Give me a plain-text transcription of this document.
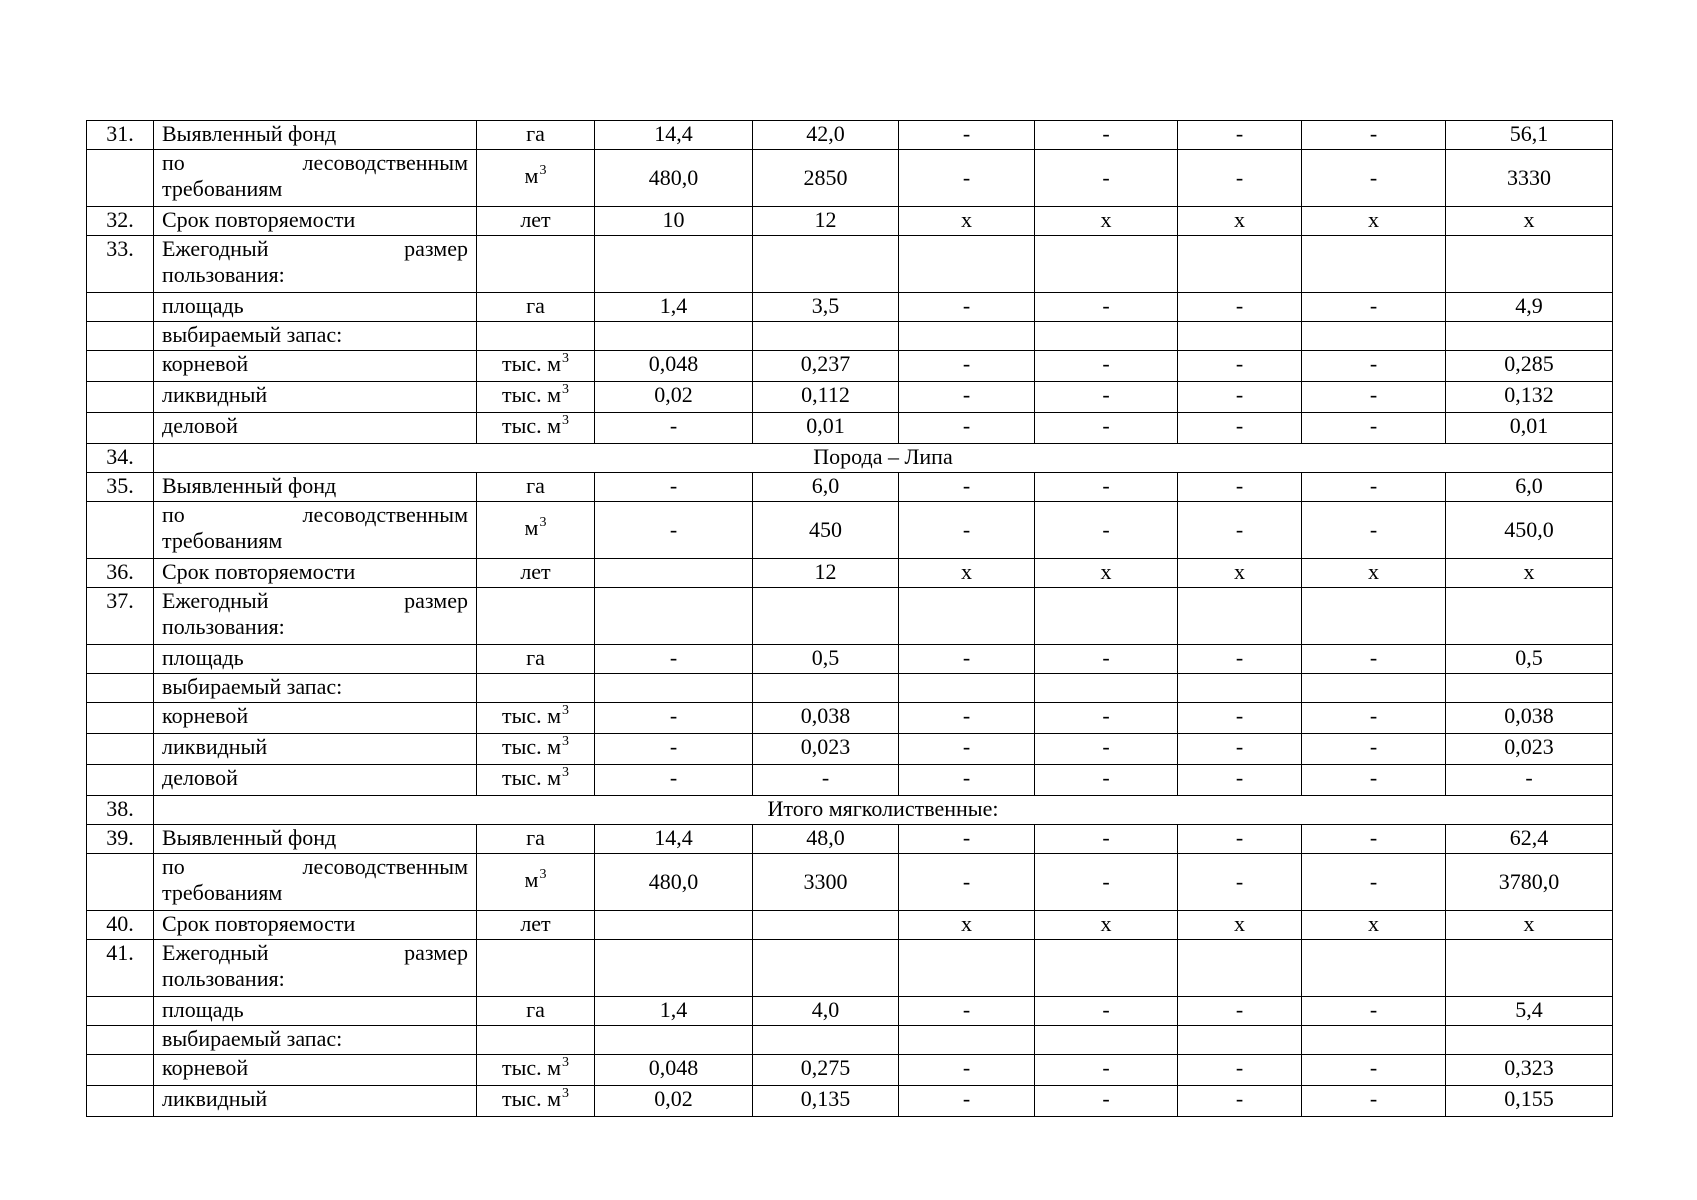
31.	Выявленный фонд	га	14,4	42,0	-	-	-	-	56,1

	по лесоводственным
требованиям	$м^3$	480,0	2850	-	-	-	-	3330
32.	Срок повторяемости	лет	10	12	х	х	х	х	х
33.	Ежегодный размер
пользования:								

	площадь	га	1,4	3,5	-	-	-	-	4,9
	выбираемый запас:								
	корневой	тыс. $м^3$	0,048	0,237	-	-	-	-	0,285
	ликвидный	тыс. $м^3$	0,02	0,112	-	-	-	-	0,132
	деловой	тыс. $м^3$	-	0,01	-	-	-	-	0,01
34.	Порода – Липа								
35.	Выявленный фонд	га	-	6,0	-	-	-	-	6,0

	по лесоводственным
требованиям	$м^3$	-	450	-	-	-	-	450,0
36.	Срок повторяемости	лет		12	х	х	х	х	х
37.	Ежегодный размер
пользования:								

	площадь	га	-	0,5	-	-	-	-	0,5
	выбираемый запас:								
	корневой	тыс. $м^3$	-	0,038	-	-	-	-	0,038
	ликвидный	тыс. $м^3$	-	0,023	-	-	-	-	0,023
	деловой	тыс. $м^3$	-	-	-	-	-	-	-
38.	Итого мягколиственные:								
39.	Выявленный фонд	га	14,4	48,0	-	-	-	-	62,4

	по лесоводственным
требованиям	$м^3$	480,0	3300	-	-	-	-	3780,0
40.	Срок повторяемости	лет			х	х	х	х	х
41.	Ежегодный размер
пользования:								

	площадь	га	1,4	4,0	-	-	-	-	5,4
	выбираемый запас:								
	корневой	тыс. $м^3$	0,048	0,275	-	-	-	-	0,323
	ликвидный	тыс. $м^3$	0,02	0,135	-	-	-	-	0,155
